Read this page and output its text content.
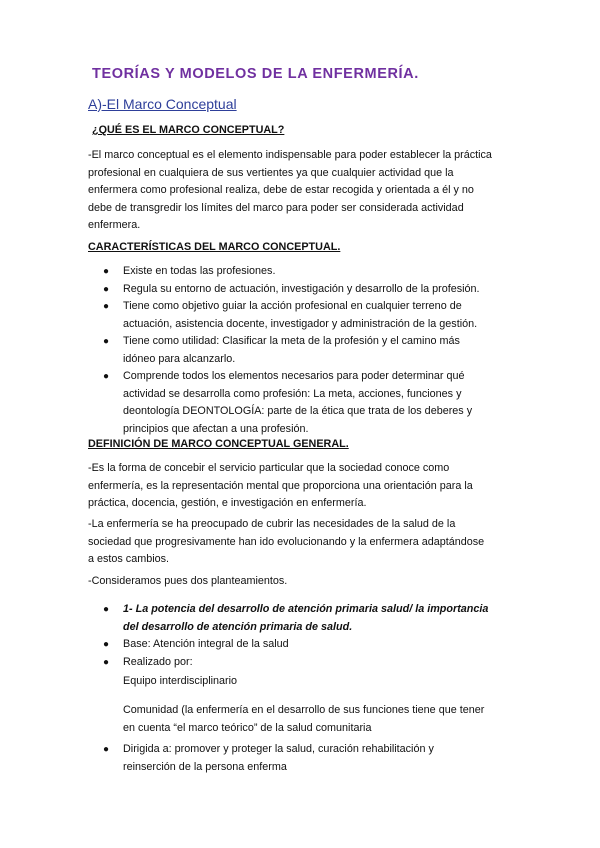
TEORÍAS Y MODELOS DE LA ENFERMERÍA.
A)-El Marco Conceptual
¿QUÉ ES EL MARCO CONCEPTUAL?
-El marco conceptual es el elemento indispensable para poder establecer la práctica
profesional en cualquiera de sus vertientes ya que cualquier actividad que la
enfermera como profesional realiza, debe de estar recogida y orientada a él y no
debe de transgredir los límites del marco para poder ser considerada actividad
enfermera.
CARACTERÍSTICAS DEL MARCO CONCEPTUAL.
● Existe en todas las profesiones.
● Regula su entorno de actuación, investigación y desarrollo de la profesión.
● Tiene como objetivo guiar la acción profesional en cualquier terreno de
actuación, asistencia docente, investigador y administración de la gestión.
● Tiene como utilidad: Clasificar la meta de la profesión y el camino más
idóneo para alcanzarlo.
● Comprende todos los elementos necesarios para poder determinar qué
actividad se desarrolla como profesión: La meta, acciones, funciones y
deontología DEONTOLOGÍA: parte de la ética que trata de los deberes y
principios que afectan a una profesión.
DEFINICIÓN DE MARCO CONCEPTUAL GENERAL.
-Es la forma de concebir el servicio particular que la sociedad conoce como
enfermería, es la representación mental que proporciona una orientación para la
práctica, docencia, gestión, e investigación en enfermería.
-La enfermería se ha preocupado de cubrir las necesidades de la salud de la
sociedad que progresivamente han ido evolucionando y la enfermera adaptándose
a estos cambios.
-Consideramos pues dos planteamientos.
● 1- La potencia del desarrollo de atención primaria salud/ la importancia
del desarrollo de atención primaria de salud.
● Base: Atención integral de la salud
● Realizado por:
Equipo interdisciplinario
Comunidad (la enfermería en el desarrollo de sus funciones tiene que tener
en cuenta “el marco teórico” de la salud comunitaria
● Dirigida a: promover y proteger la salud, curación rehabilitación y
reinserción de la persona enferma
